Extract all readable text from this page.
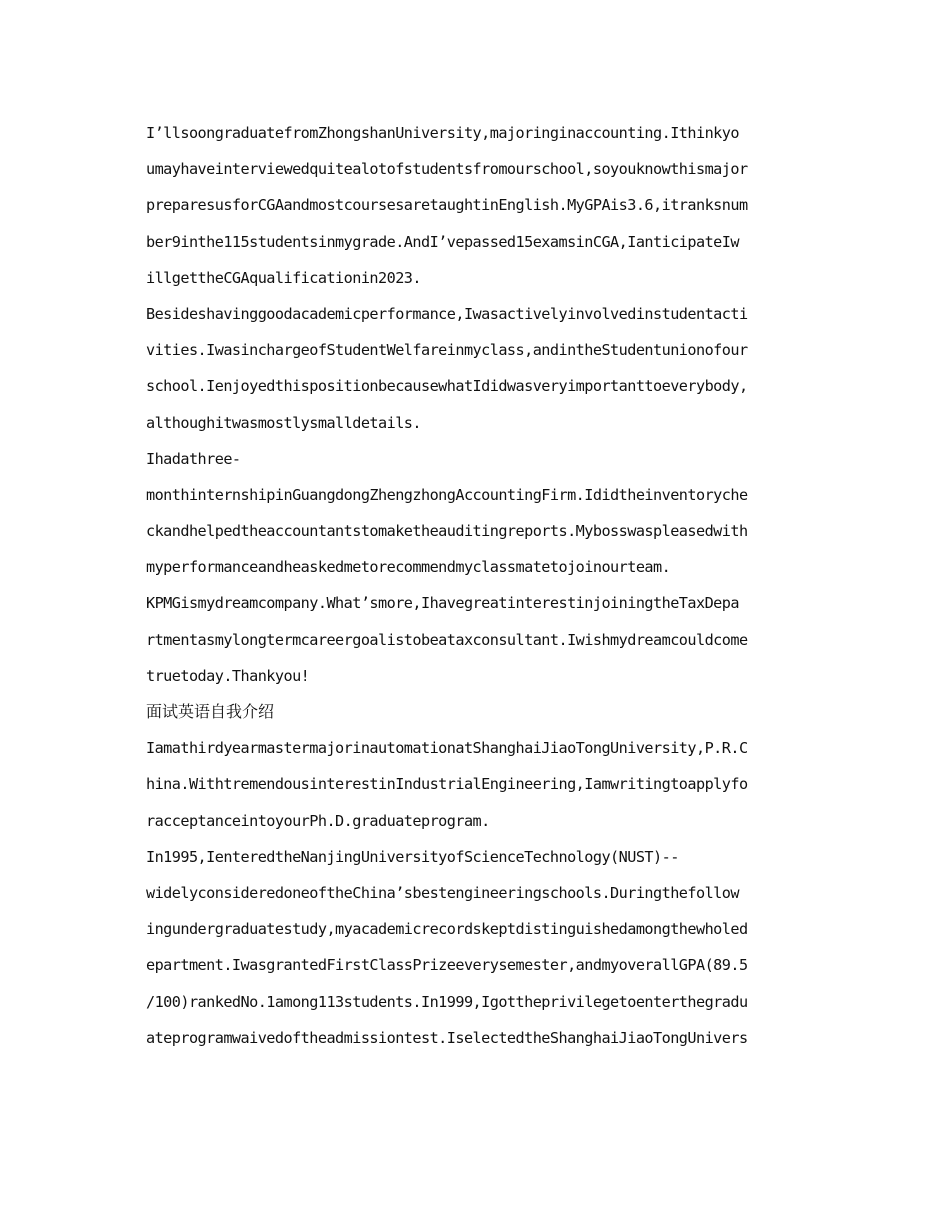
I’llsoongraduatefromZhongshanUniversity,majoringinaccounting.Ithinkyo
umayhaveinterviewedquitealotofstudentsfromourschool,soyouknowthismajor
preparesusforCGAandmostcoursesaretaughtinEnglish.MyGPAis3.6,itranksnum
ber9inthe115studentsinmygrade.AndI’vepassed15examsinCGA,IanticipateIw
illgettheCGAqualificationin2023.
Besideshavinggoodacademicperformance,Iwasactivelyinvolvedinstudentacti
vities.IwasinchargeofStudentWelfareinmyclass,andintheStudentunionofour
school.IenjoyedthispositionbecausewhatIdidwasveryimportanttoeverybody,
althoughitwasmostlysmalldetails.
Ihadathree-
monthinternshipinGuangdongZhengzhongAccountingFirm.Ididtheinventoryche
ckandhelpedtheaccountantstomaketheauditingreports.Mybosswaspleasedwith
myperformanceandheaskedmetorecommendmyclassmatetojoinourteam.
KPMGismydreamcompany.What’smore,IhavegreatinterestinjoiningtheTaxDepa
rtmentasmylongtermcareergoalistobeataxconsultant.Iwishmydreamcouldcome
truetoday.Thankyou!
面试英语自我介绍
IamathirdyearmastermajorinautomationatShanghaiJiaoTongUniversity,P.R.C
hina.WithtremendousinterestinIndustrialEngineering,Iamwritingtoapplyfo
racceptanceintoyourPh.D.graduateprogram.
In1995,IenteredtheNanjingUniversityofScienceTechnology(NUST)--
widelyconsideredoneoftheChina’sbestengineeringschools.Duringthefollow
ingundergraduatestudy,myacademicrecordskeptdistinguishedamongthewholed
epartment.IwasgrantedFirstClassPrizeeverysemester,andmyoverallGPA(89.5
/100)rankedNo.1among113students.In1999,Igottheprivilegetoenterthegradu
ateprogramwaivedoftheadmissiontest.IselectedtheShanghaiJiaoTongUnivers
